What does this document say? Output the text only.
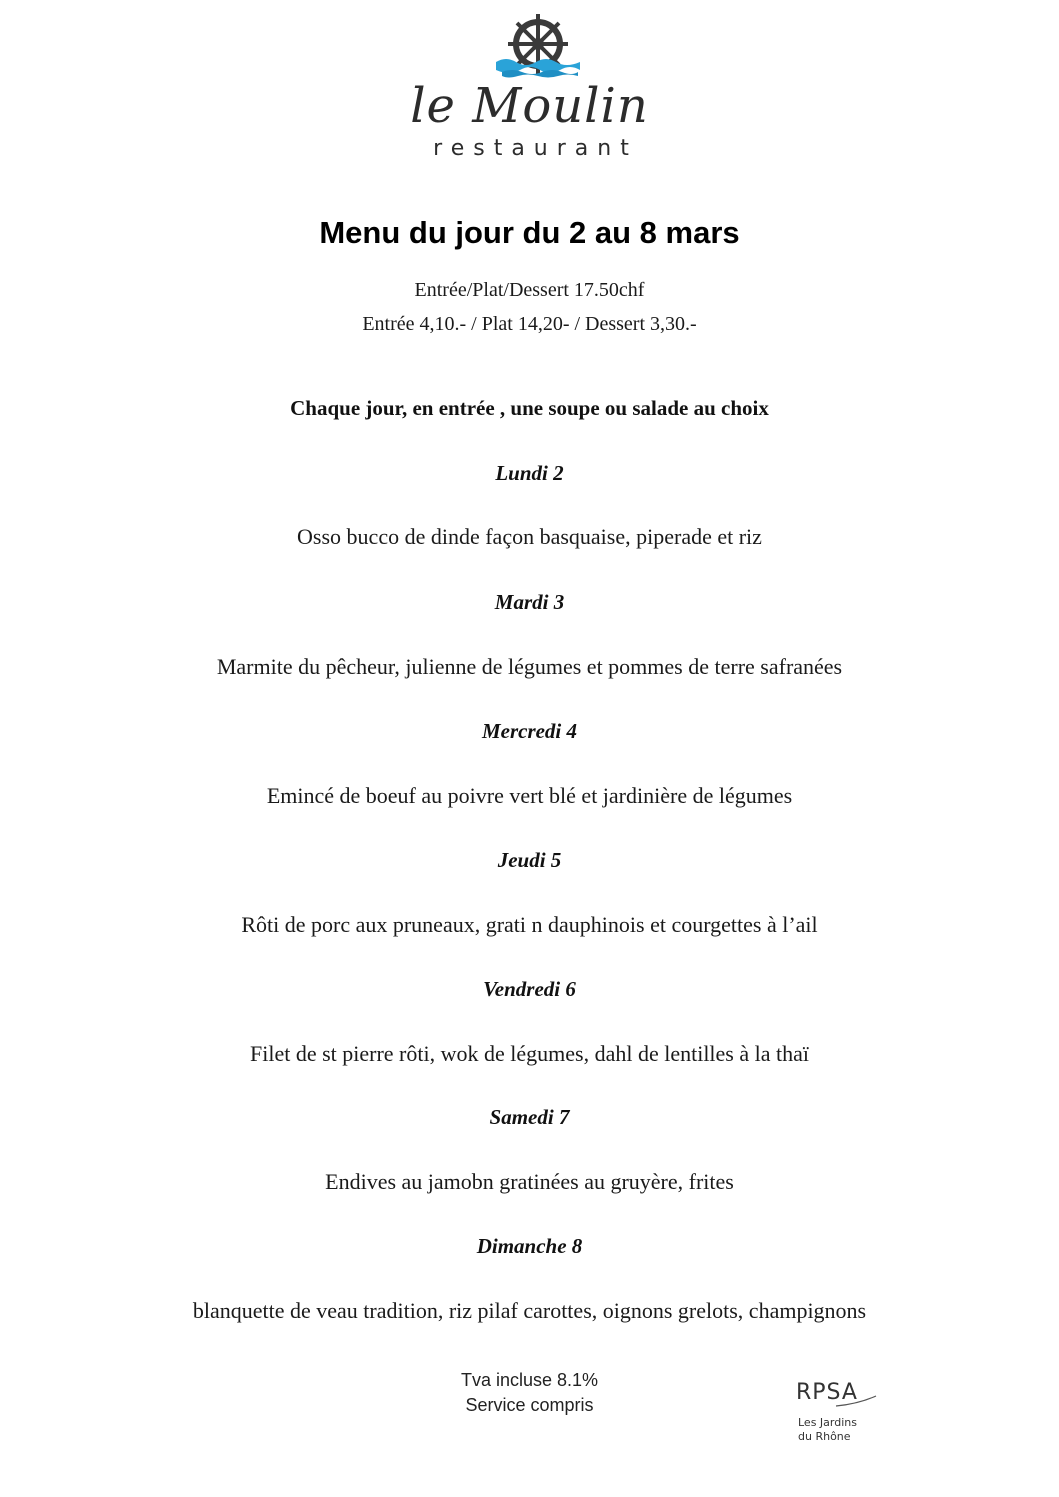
le Moulin
restaurant
Menu du jour du 2 au 8 mars
Entrée/Plat/Dessert 17.50chf
Entrée 4,10.- / Plat 14,20- / Dessert 3,30.-
Chaque jour, en entrée , une soupe ou salade au choix
Lundi 2
Osso bucco de dinde façon basquaise, piperade et riz
Mardi 3
Marmite du pêcheur, julienne de légumes et pommes de terre safranées
Mercredi 4
Emincé de boeuf au poivre vert blé et jardinière de légumes
Jeudi 5
Rôti de porc aux pruneaux, grati n dauphinois et courgettes à l’ail
Vendredi 6
Filet de st pierre rôti, wok de légumes, dahl de lentilles à la thaï
Samedi 7
Endives au jamobn gratinées au gruyère, frites
Dimanche 8
blanquette de veau tradition, riz pilaf carottes, oignons grelots, champignons
Tva incluse 8.1%
Service compris	RPSA
Les Jardins
du Rhône
